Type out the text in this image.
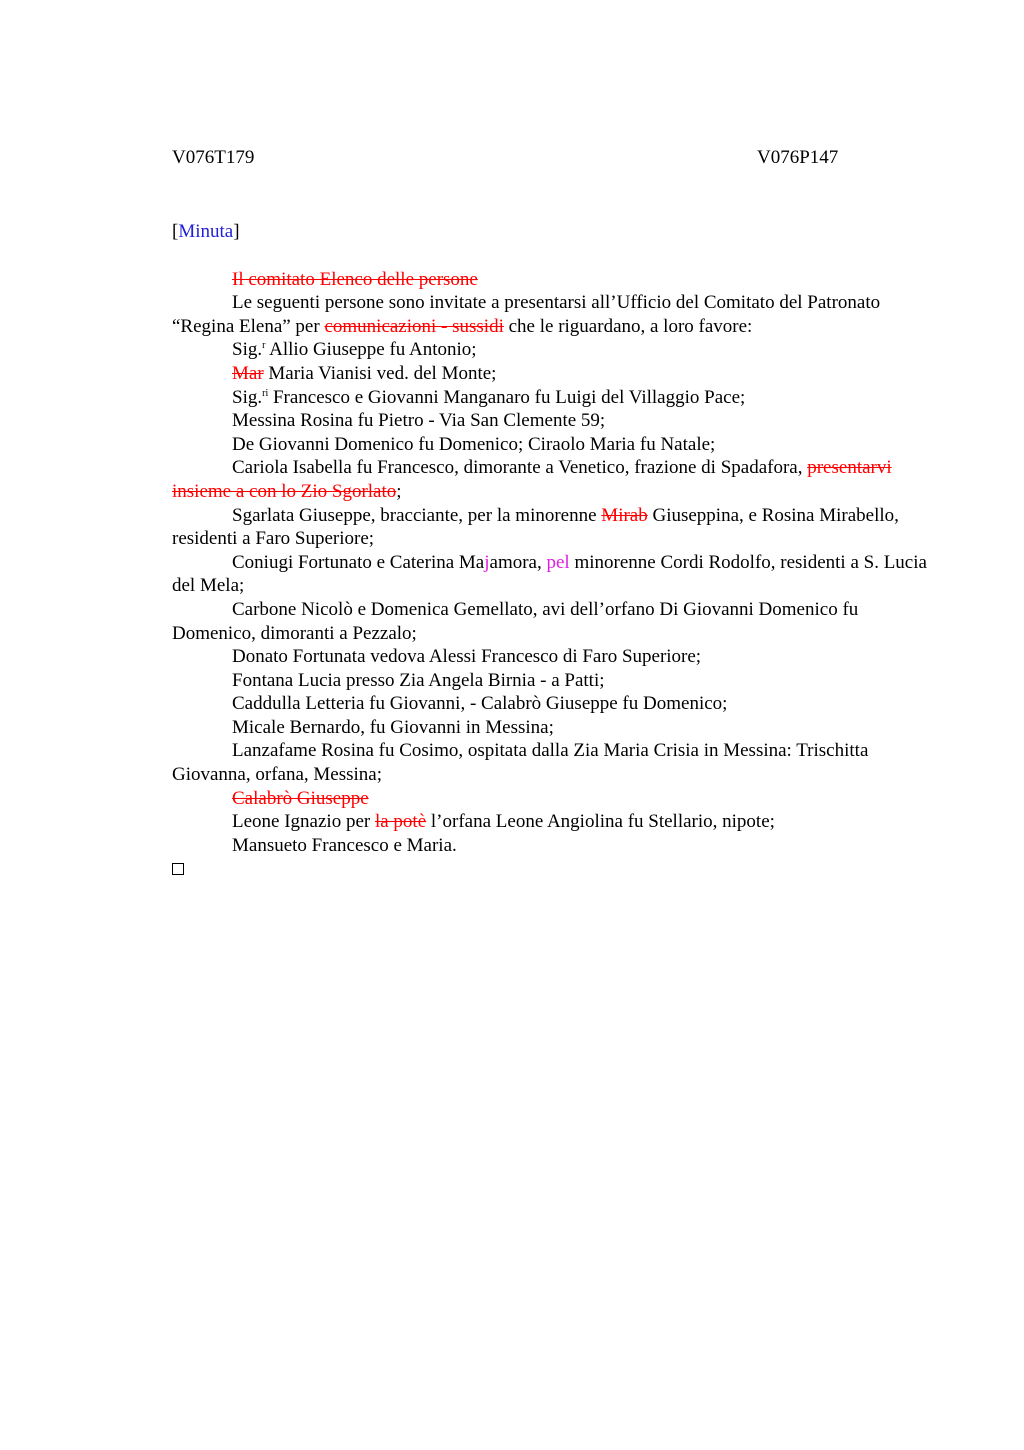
V076T179	V076P147
[Minuta]

Il comitato Elenco delle persone

Le seguenti persone sono invitate a presentarsi all’Ufficio del Comitato del Patronato “Regina Elena” per comunicazioni - sussidi che le riguardano, a loro favore:

Sig.$^r$ Allio Giuseppe fu Antonio;

Mar Maria Vianisi ved. del Monte;

Sig.$^{ri}$ Francesco e Giovanni Manganaro fu Luigi del Villaggio Pace;

Messina Rosina fu Pietro - Via San Clemente 59;

De Giovanni Domenico fu Domenico; Ciraolo Maria fu Natale;

Cariola Isabella fu Francesco, dimorante a Venetico, frazione di Spadafora, presentarvi insieme a con lo Zio Sgorlato;

Sgarlata Giuseppe, bracciante, per la minorenne Mirab Giuseppina, e Rosina Mirabello, residenti a Faro Superiore;

Coniugi Fortunato e Caterina Majamora, pel minorenne Cordi Rodolfo, residenti a S. Lucia del Mela;

Carbone Nicolò e Domenica Gemellato, avi dell’orfano Di Giovanni Domenico fu Domenico, dimoranti a Pezzalo;

Donato Fortunata vedova Alessi Francesco di Faro Superiore;

Fontana Lucia presso Zia Angela Birnia - a Patti;

Caddulla Letteria fu Giovanni, - Calabrò Giuseppe fu Domenico;

Micale Bernardo, fu Giovanni in Messina;

Lanzafame Rosina fu Cosimo, ospitata dalla Zia Maria Crisia in Messina: Trischitta Giovanna, orfana, Messina;

Calabrò Giuseppe

Leone Ignazio per la potè l’orfana Leone Angiolina fu Stellario, nipote;

Mansueto Francesco e Maria.
